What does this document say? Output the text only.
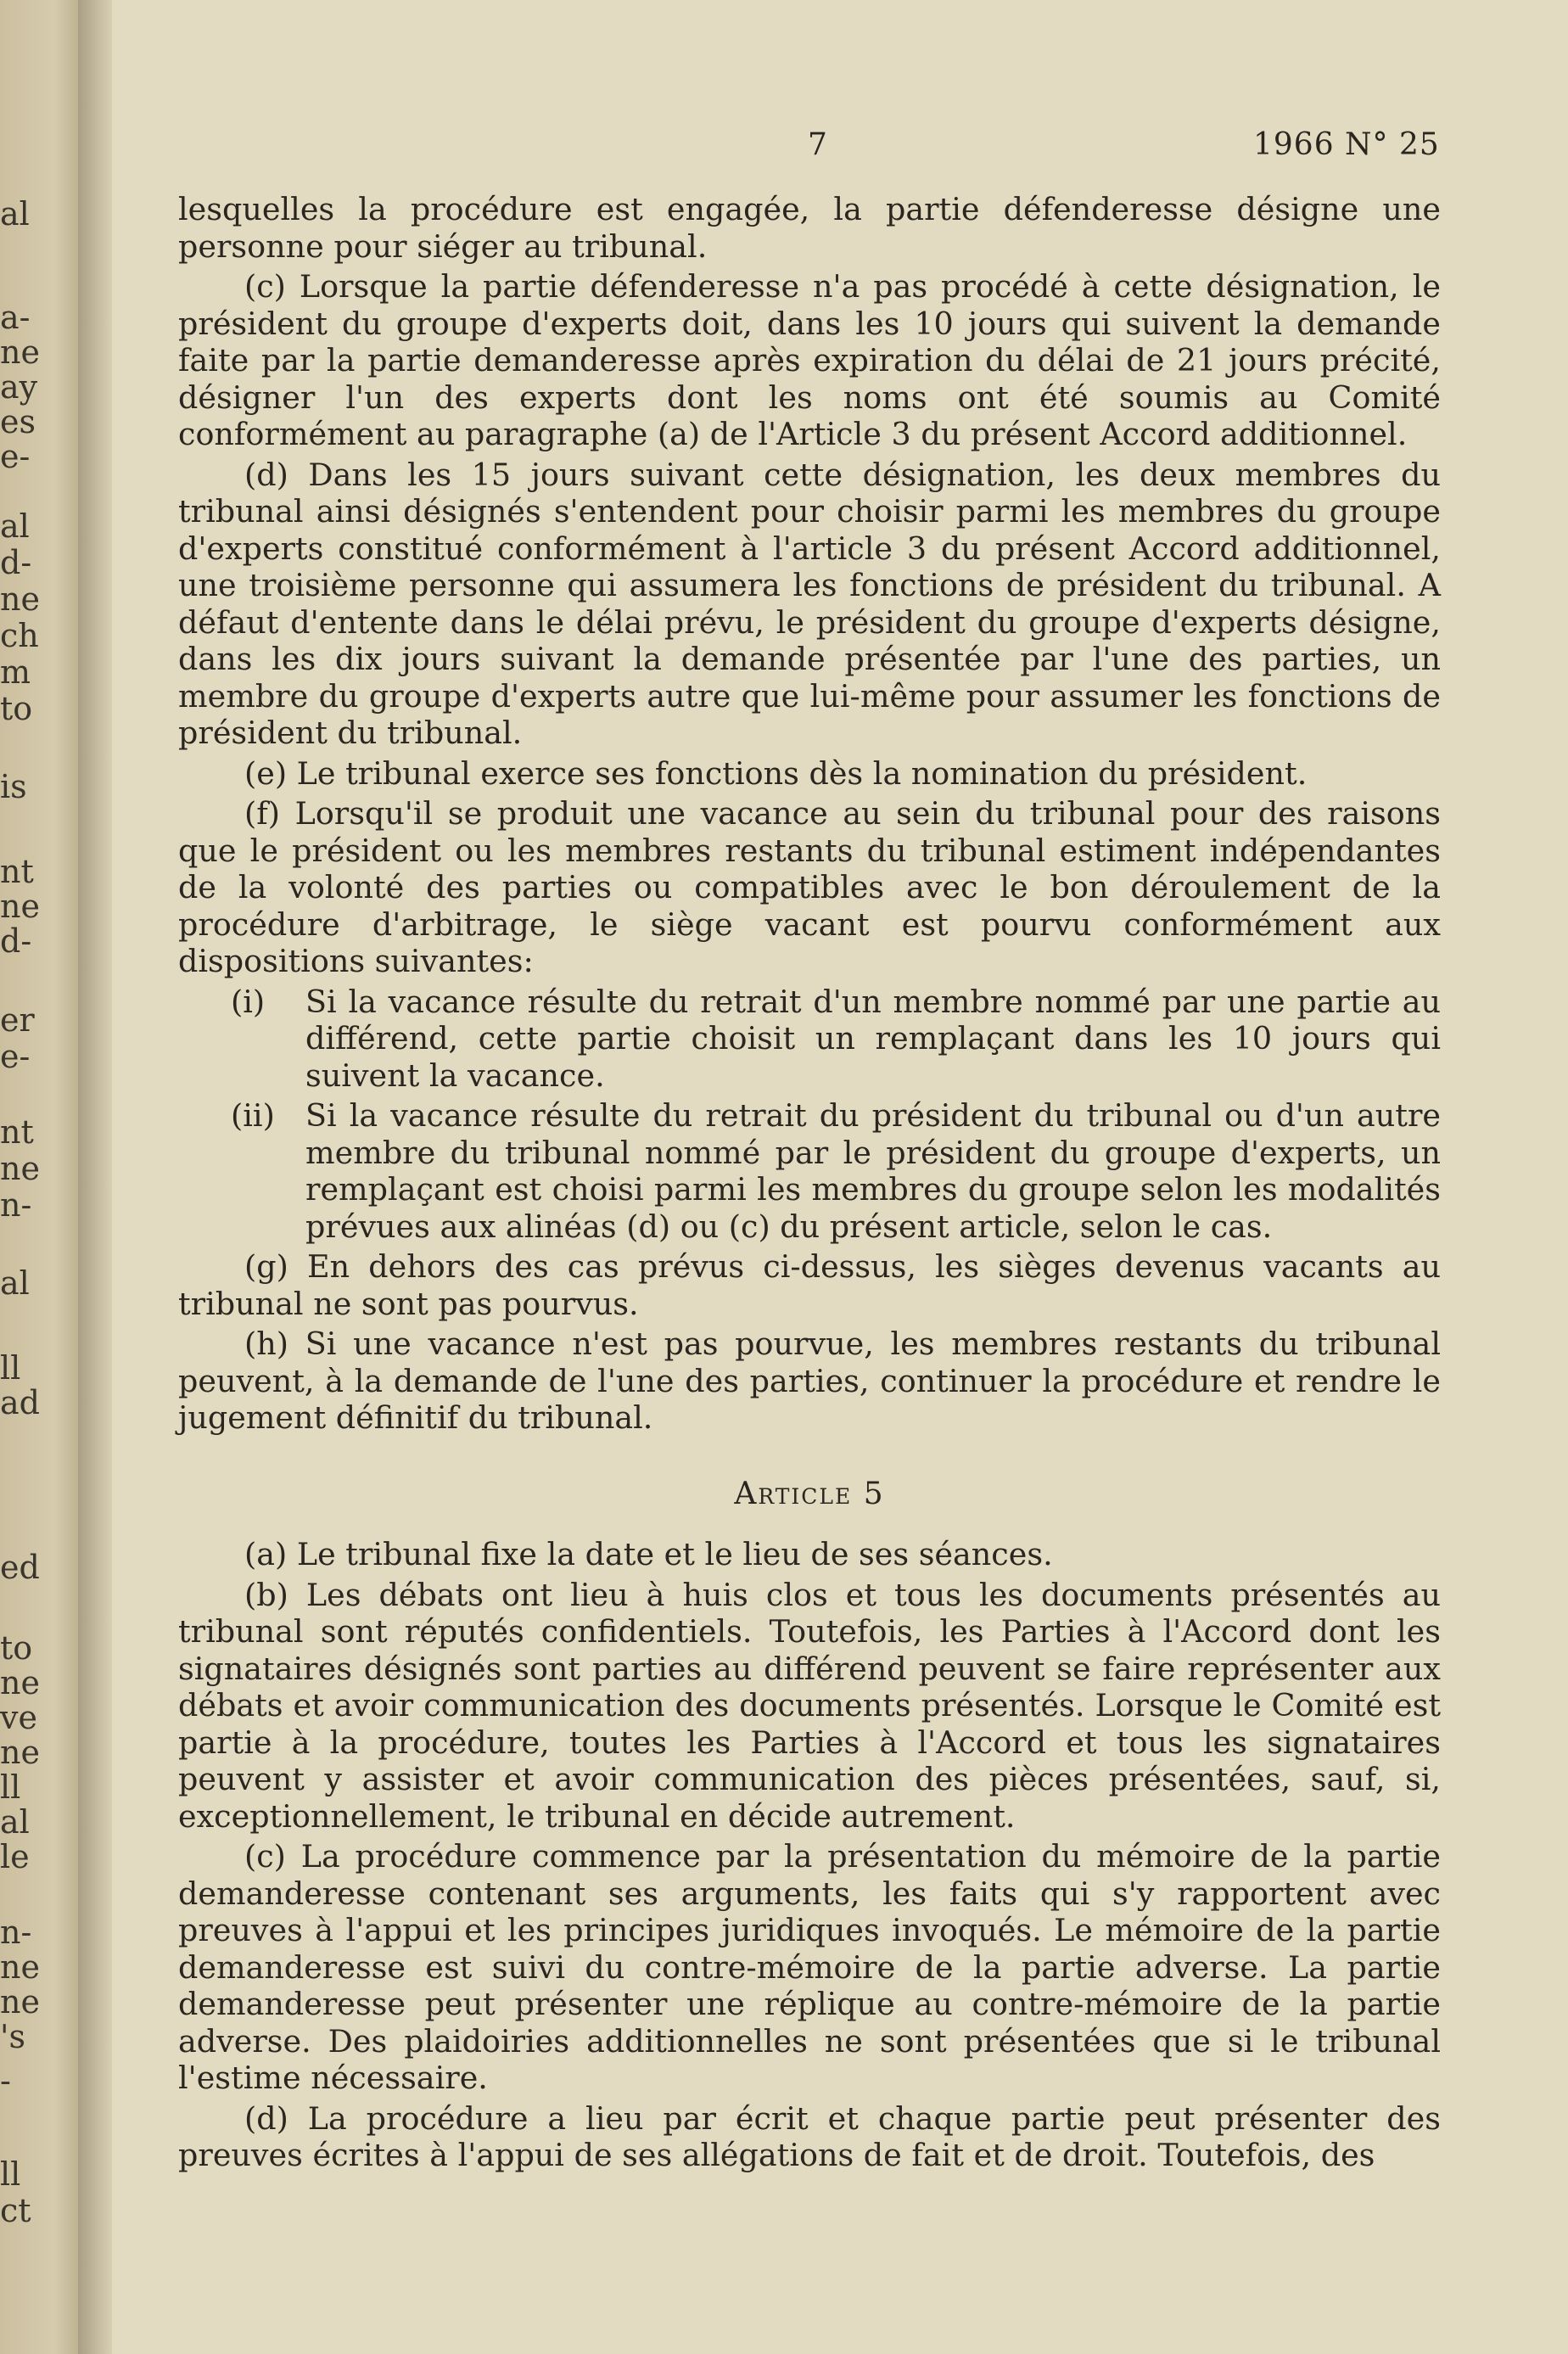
al
a-
ne
ay
es
e-
al
d-
ne
ch
m
to
is
nt
ne
d-
er
e-
nt
ne
n-
al
ll
ad
ed
to
ne
ve
ne
ll
al
le
n-
ne
ne
's
-
ll
ct
7	1966 N° 25

lesquelles la procédure est engagée, la partie défenderesse désigne une personne pour siéger au tribunal.

(c) Lorsque la partie défenderesse n'a pas procédé à cette désignation, le président du groupe d'experts doit, dans les 10 jours qui suivent la demande faite par la partie demanderesse après expiration du délai de 21 jours précité, désigner l'un des experts dont les noms ont été soumis au Comité conformément au paragraphe (a) de l'Article 3 du présent Accord additionnel.

(d) Dans les 15 jours suivant cette désignation, les deux membres du tribunal ainsi désignés s'entendent pour choisir parmi les membres du groupe d'experts constitué conformément à l'article 3 du présent Accord additionnel, une troisième personne qui assumera les fonctions de président du tribunal. A défaut d'entente dans le délai prévu, le président du groupe d'experts désigne, dans les dix jours suivant la demande présentée par l'une des parties, un membre du groupe d'experts autre que lui-même pour assumer les fonctions de président du tribunal.

(e) Le tribunal exerce ses fonctions dès la nomination du président.

(f) Lorsqu'il se produit une vacance au sein du tribunal pour des raisons que le président ou les membres restants du tribunal estiment indépendantes de la volonté des parties ou compatibles avec le bon déroulement de la procédure d'arbitrage, le siège vacant est pourvu conformément aux dispositions suivantes:

(i) Si la vacance résulte du retrait d'un membre nommé par une partie au différend, cette partie choisit un remplaçant dans les 10 jours qui suivent la vacance.

(ii) Si la vacance résulte du retrait du président du tribunal ou d'un autre membre du tribunal nommé par le président du groupe d'experts, un remplaçant est choisi parmi les membres du groupe selon les modalités prévues aux alinéas (d) ou (c) du présent article, selon le cas.

(g) En dehors des cas prévus ci-dessus, les sièges devenus vacants au tribunal ne sont pas pourvus.

(h) Si une vacance n'est pas pourvue, les membres restants du tribunal peuvent, à la demande de l'une des parties, continuer la procédure et rendre le jugement définitif du tribunal.

Article 5

(a) Le tribunal fixe la date et le lieu de ses séances.

(b) Les débats ont lieu à huis clos et tous les documents présentés au tribunal sont réputés confidentiels. Toutefois, les Parties à l'Accord dont les signataires désignés sont parties au différend peuvent se faire représenter aux débats et avoir communication des documents présentés. Lorsque le Comité est partie à la procédure, toutes les Parties à l'Accord et tous les signataires peuvent y assister et avoir communication des pièces présentées, sauf, si, exceptionnellement, le tribunal en décide autrement.

(c) La procédure commence par la présentation du mémoire de la partie demanderesse contenant ses arguments, les faits qui s'y rapportent avec preuves à l'appui et les principes juridiques invoqués. Le mémoire de la partie demanderesse est suivi du contre-mémoire de la partie adverse. La partie demanderesse peut présenter une réplique au contre-mémoire de la partie adverse. Des plaidoiries additionnelles ne sont présentées que si le tribunal l'estime nécessaire.

(d) La procédure a lieu par écrit et chaque partie peut présenter des preuves écrites à l'appui de ses allégations de fait et de droit. Toutefois, des
